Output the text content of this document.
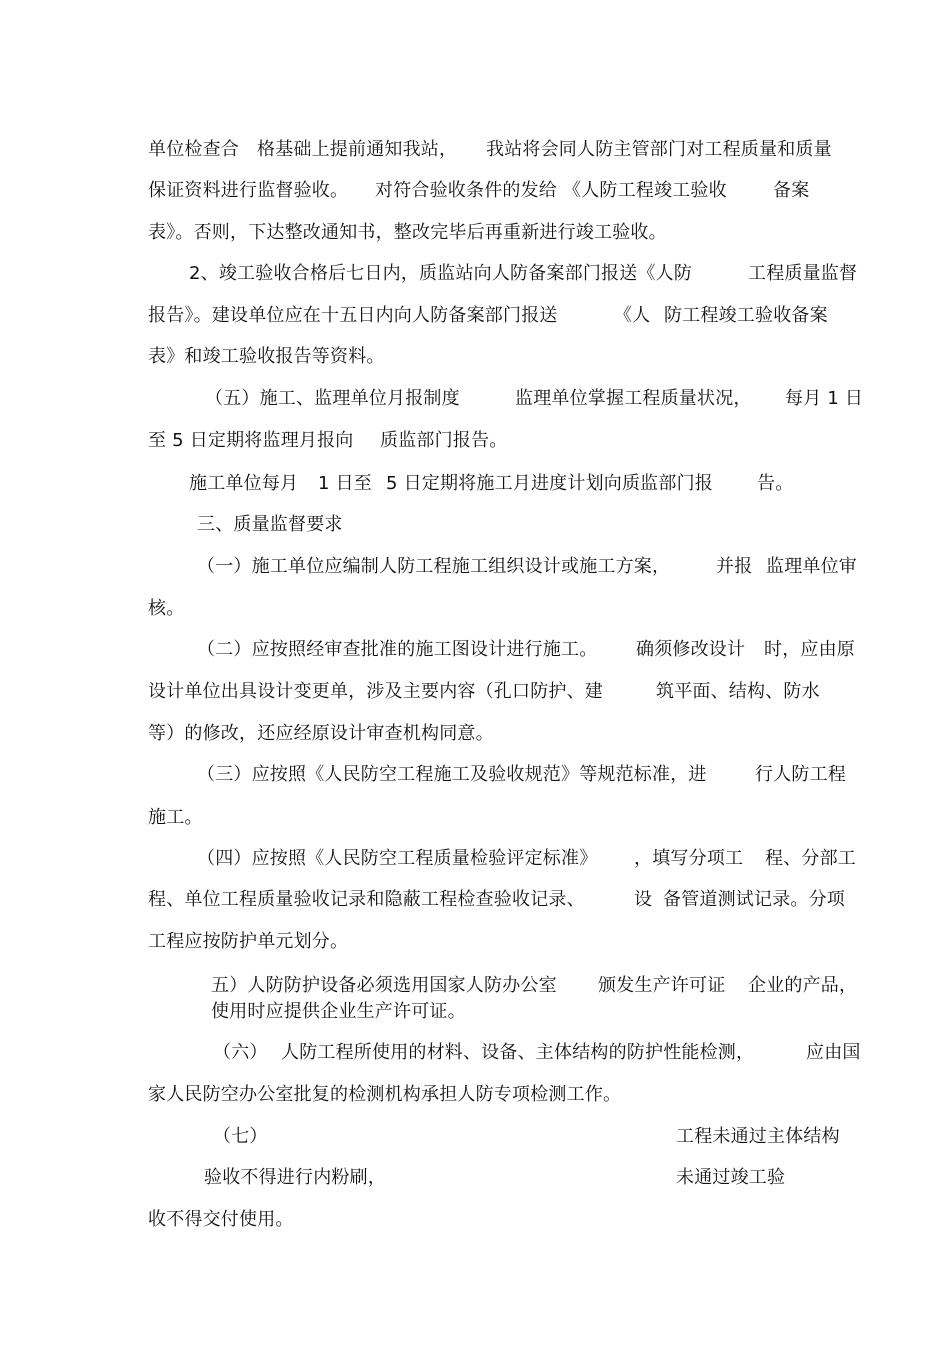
单位检查合 格基础上提前通知我站， 我站将会同人防主管部门对工程质量和质量
保证资料进行监督验收。 对符合验收条件的发给 《人防工程竣工验收	备案
表》。否则，下达整改通知书，整改完毕后再重新进行竣工验收。
2、竣工验收合格后七日内，质监站向人防备案部门报送《人防	工程质量监督
报告》。建设单位应在十五日内向人防备案部门报送	《人 防工程竣工验收备案
表》和竣工验收报告等资料。
（五）施工、监理单位月报制度	监理单位掌握工程质量状况， 每月 1 日
至 5 日定期将监理月报向 质监部门报告。
施工单位每月 1 日至 5 日定期将施工月进度计划向质监部门报 告。
三、质量监督要求
（一）施工单位应编制人防工程施工组织设计或施工方案，	并报 监理单位审
核。
（二）应按照经审查批准的施工图设计进行施工。 确须修改设计 时，应由原
设计单位出具设计变更单，涉及主要内容（孔口防护、建	筑平面、结构、防水
等）的修改，还应经原设计审查机构同意。
（三）应按照《人民防空工程施工及验收规范》等规范标准，进	行人防工程
施工。
（四）应按照《人民防空工程质量检验评定标准》 ，填写分项工 程、分部工
程、单位工程质量验收记录和隐蔽工程检查验收记录、	设 备管道测试记录。分项
工程应按防护单元划分。
五）人防防护设备必须选用国家人防办公室 颁发生产许可证 企业的产品，
使用时应提供企业生产许可证。
（六） 人防工程所使用的材料、设备、主体结构的防护性能检测，	应由国
家人民防空办公室批复的检测机构承担人防专项检测工作。
（七）	工程未通过主体结构
验收不得进行内粉刷，	未通过竣工验
收不得交付使用。
